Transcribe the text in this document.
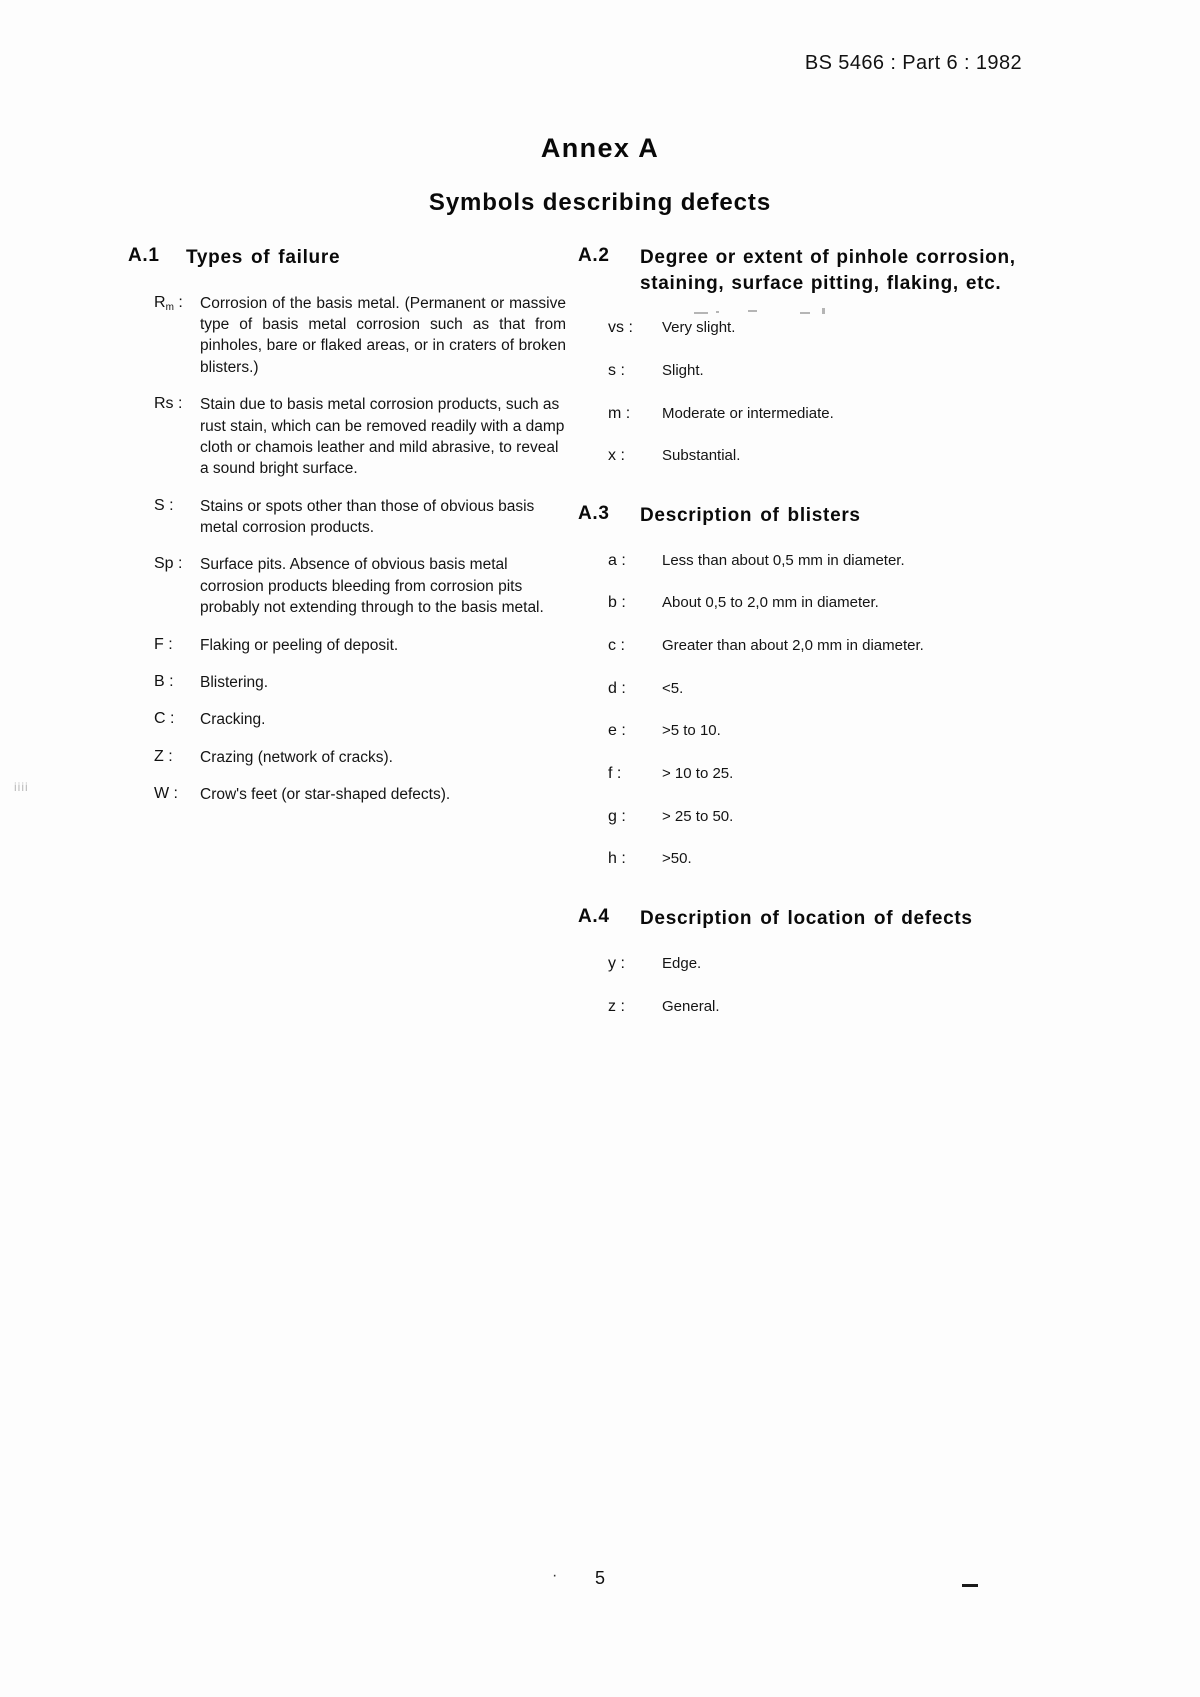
BS 5466 : Part 6 : 1982
Annex A
Symbols describing defects
A.1	Types of failure
$R_m$ :	Corrosion of the basis metal. (Permanent or massive type of basis metal corrosion such as that from pinholes, bare or flaked areas, or in craters of broken blisters.)
Rs :	Stain due to basis metal corrosion products, such as rust stain, which can be removed readily with a damp cloth or chamois leather and mild abrasive, to reveal a sound bright surface.
S :	Stains or spots other than those of obvious basis metal corrosion products.
Sp :	Surface pits. Absence of obvious basis metal corrosion products bleeding from corrosion pits probably not extending through to the basis metal.
F :	Flaking or peeling of deposit.
B :	Blistering.
C :	Cracking.
Z :	Crazing (network of cracks).
W :	Crow's feet (or star-shaped defects).
A.2	Degree or extent of pinhole corrosion, staining, surface pitting, flaking, etc.
vs :	Very slight.
s :	Slight.
m :	Moderate or intermediate.
x :	Substantial.
A.3	Description of blisters
a :	Less than about 0,5 mm in diameter.
b :	About 0,5 to 2,0 mm in diameter.
c :	Greater than about 2,0 mm in diameter.
d :	<5.
e :	>5 to 10.
f :	> 10 to 25.
g :	> 25 to 50.
h :	>50.
A.4	Description of location of defects
y :	Edge.
z :	General.
iiii
·	5
